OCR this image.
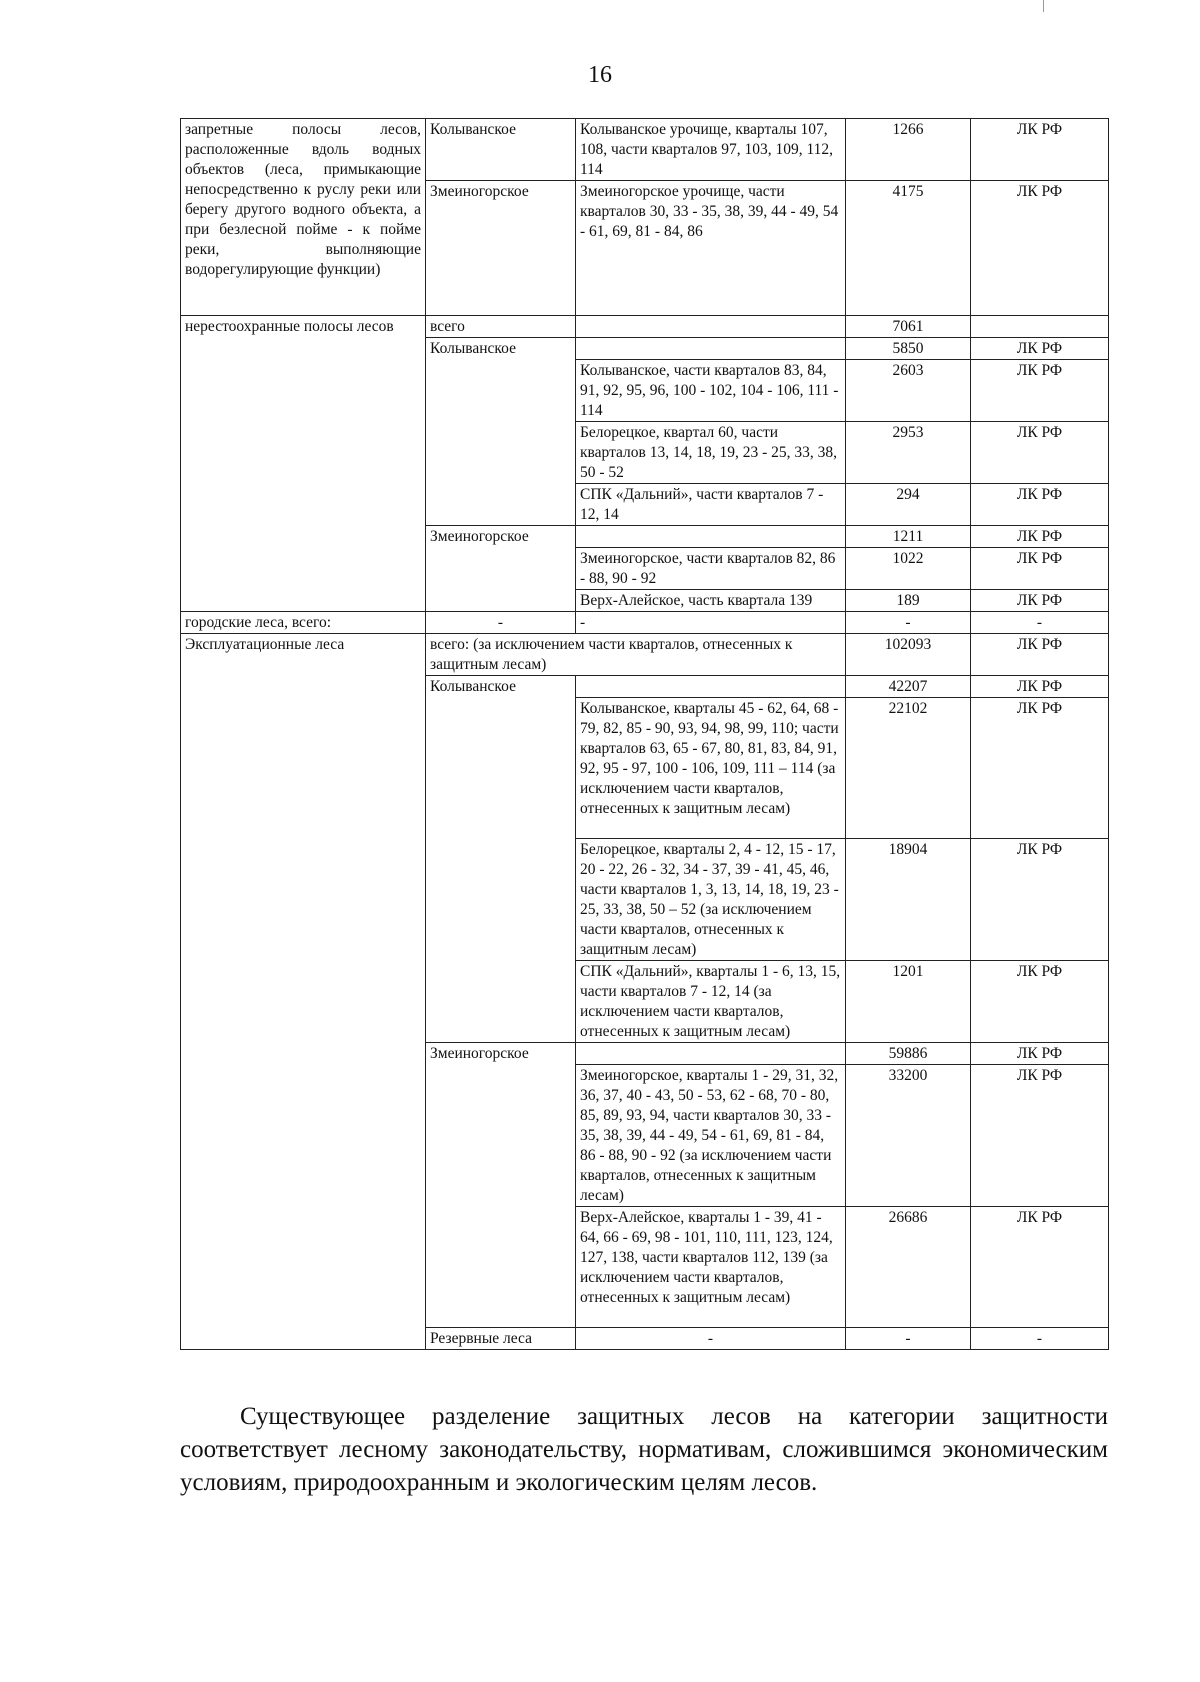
16
запретные полосы лесов, расположенные вдоль водных объектов (леса, примыкающие непосредственно к руслу реки или берегу другого водного объекта, а при безлесной пойме - к пойме реки, выполняющие водорегулирующие функции)	Колыванское	Колыванское урочище, кварталы 107, 108, части кварталов 97, 103, 109, 112, 114	1266	ЛК РФ	
	Змеиногорское	Змеиногорское урочище, части кварталов 30, 33 - 35, 38, 39, 44 - 49, 54 - 61, 69, 81 - 84, 86	4175	ЛК РФ	
нерестоохранные полосы лесов	всего		7061		
	Колыванское		5850	ЛК РФ	
		Колыванское, части кварталов 83, 84, 91, 92, 95, 96, 100 - 102, 104 - 106, 111 - 114	2603	ЛК РФ	
		Белорецкое, квартал 60, части кварталов 13, 14, 18, 19, 23 - 25, 33, 38, 50 - 52	2953	ЛК РФ	
		СПК «Дальний», части кварталов 7 - 12, 14	294	ЛК РФ	
	Змеиногорское		1211	ЛК РФ	
		Змеиногорское, части кварталов 82, 86 - 88, 90 - 92	1022	ЛК РФ	
		Верх-Алейское, часть квартала 139	189	ЛК РФ	
городские леса, всего:	-	-	-	-	
Эксплуатационные леса	всего: (за исключением части кварталов, отнесенных к защитным лесам)		102093	ЛК РФ	
	Колыванское		42207	ЛК РФ	
		Колыванское, кварталы 45 - 62, 64, 68 - 79, 82, 85 - 90, 93, 94, 98, 99, 110; части кварталов 63, 65 - 67, 80, 81, 83, 84, 91, 92, 95 - 97, 100 - 106, 109, 111 – 114 (за исключением части кварталов, отнесенных к защитным лесам)	22102	ЛК РФ	
		Белорецкое, кварталы 2, 4 - 12, 15 - 17, 20 - 22, 26 - 32, 34 - 37, 39 - 41, 45, 46, части кварталов 1, 3, 13, 14, 18, 19, 23 - 25, 33, 38, 50 – 52 (за исключением части кварталов, отнесенных к защитным лесам)	18904	ЛК РФ	
		СПК «Дальний», кварталы 1 - 6, 13, 15, части кварталов 7 - 12, 14 (за исключением части кварталов, отнесенных к защитным лесам)	1201	ЛК РФ	
	Змеиногорское		59886	ЛК РФ	
		Змеиногорское, кварталы 1 - 29, 31, 32, 36, 37, 40 - 43, 50 - 53, 62 - 68, 70 - 80, 85, 89, 93, 94, части кварталов 30, 33 - 35, 38, 39, 44 - 49, 54 - 61, 69, 81 - 84, 86 - 88, 90 - 92 (за исключением части кварталов, отнесенных к защитным лесам)	33200	ЛК РФ	
		Верх-Алейское, кварталы 1 - 39, 41 - 64, 66 - 69, 98 - 101, 110, 111, 123, 124, 127, 138, части кварталов 112, 139 (за исключением части кварталов, отнесенных к защитным лесам)	26686	ЛК РФ	
	Резервные леса	-	-	-	

Существующее разделение защитных лесов на категории защитности соответствует лесному законодательству, нормативам, сложившимся экономическим условиям, природоохранным и экологическим целям лесов.
